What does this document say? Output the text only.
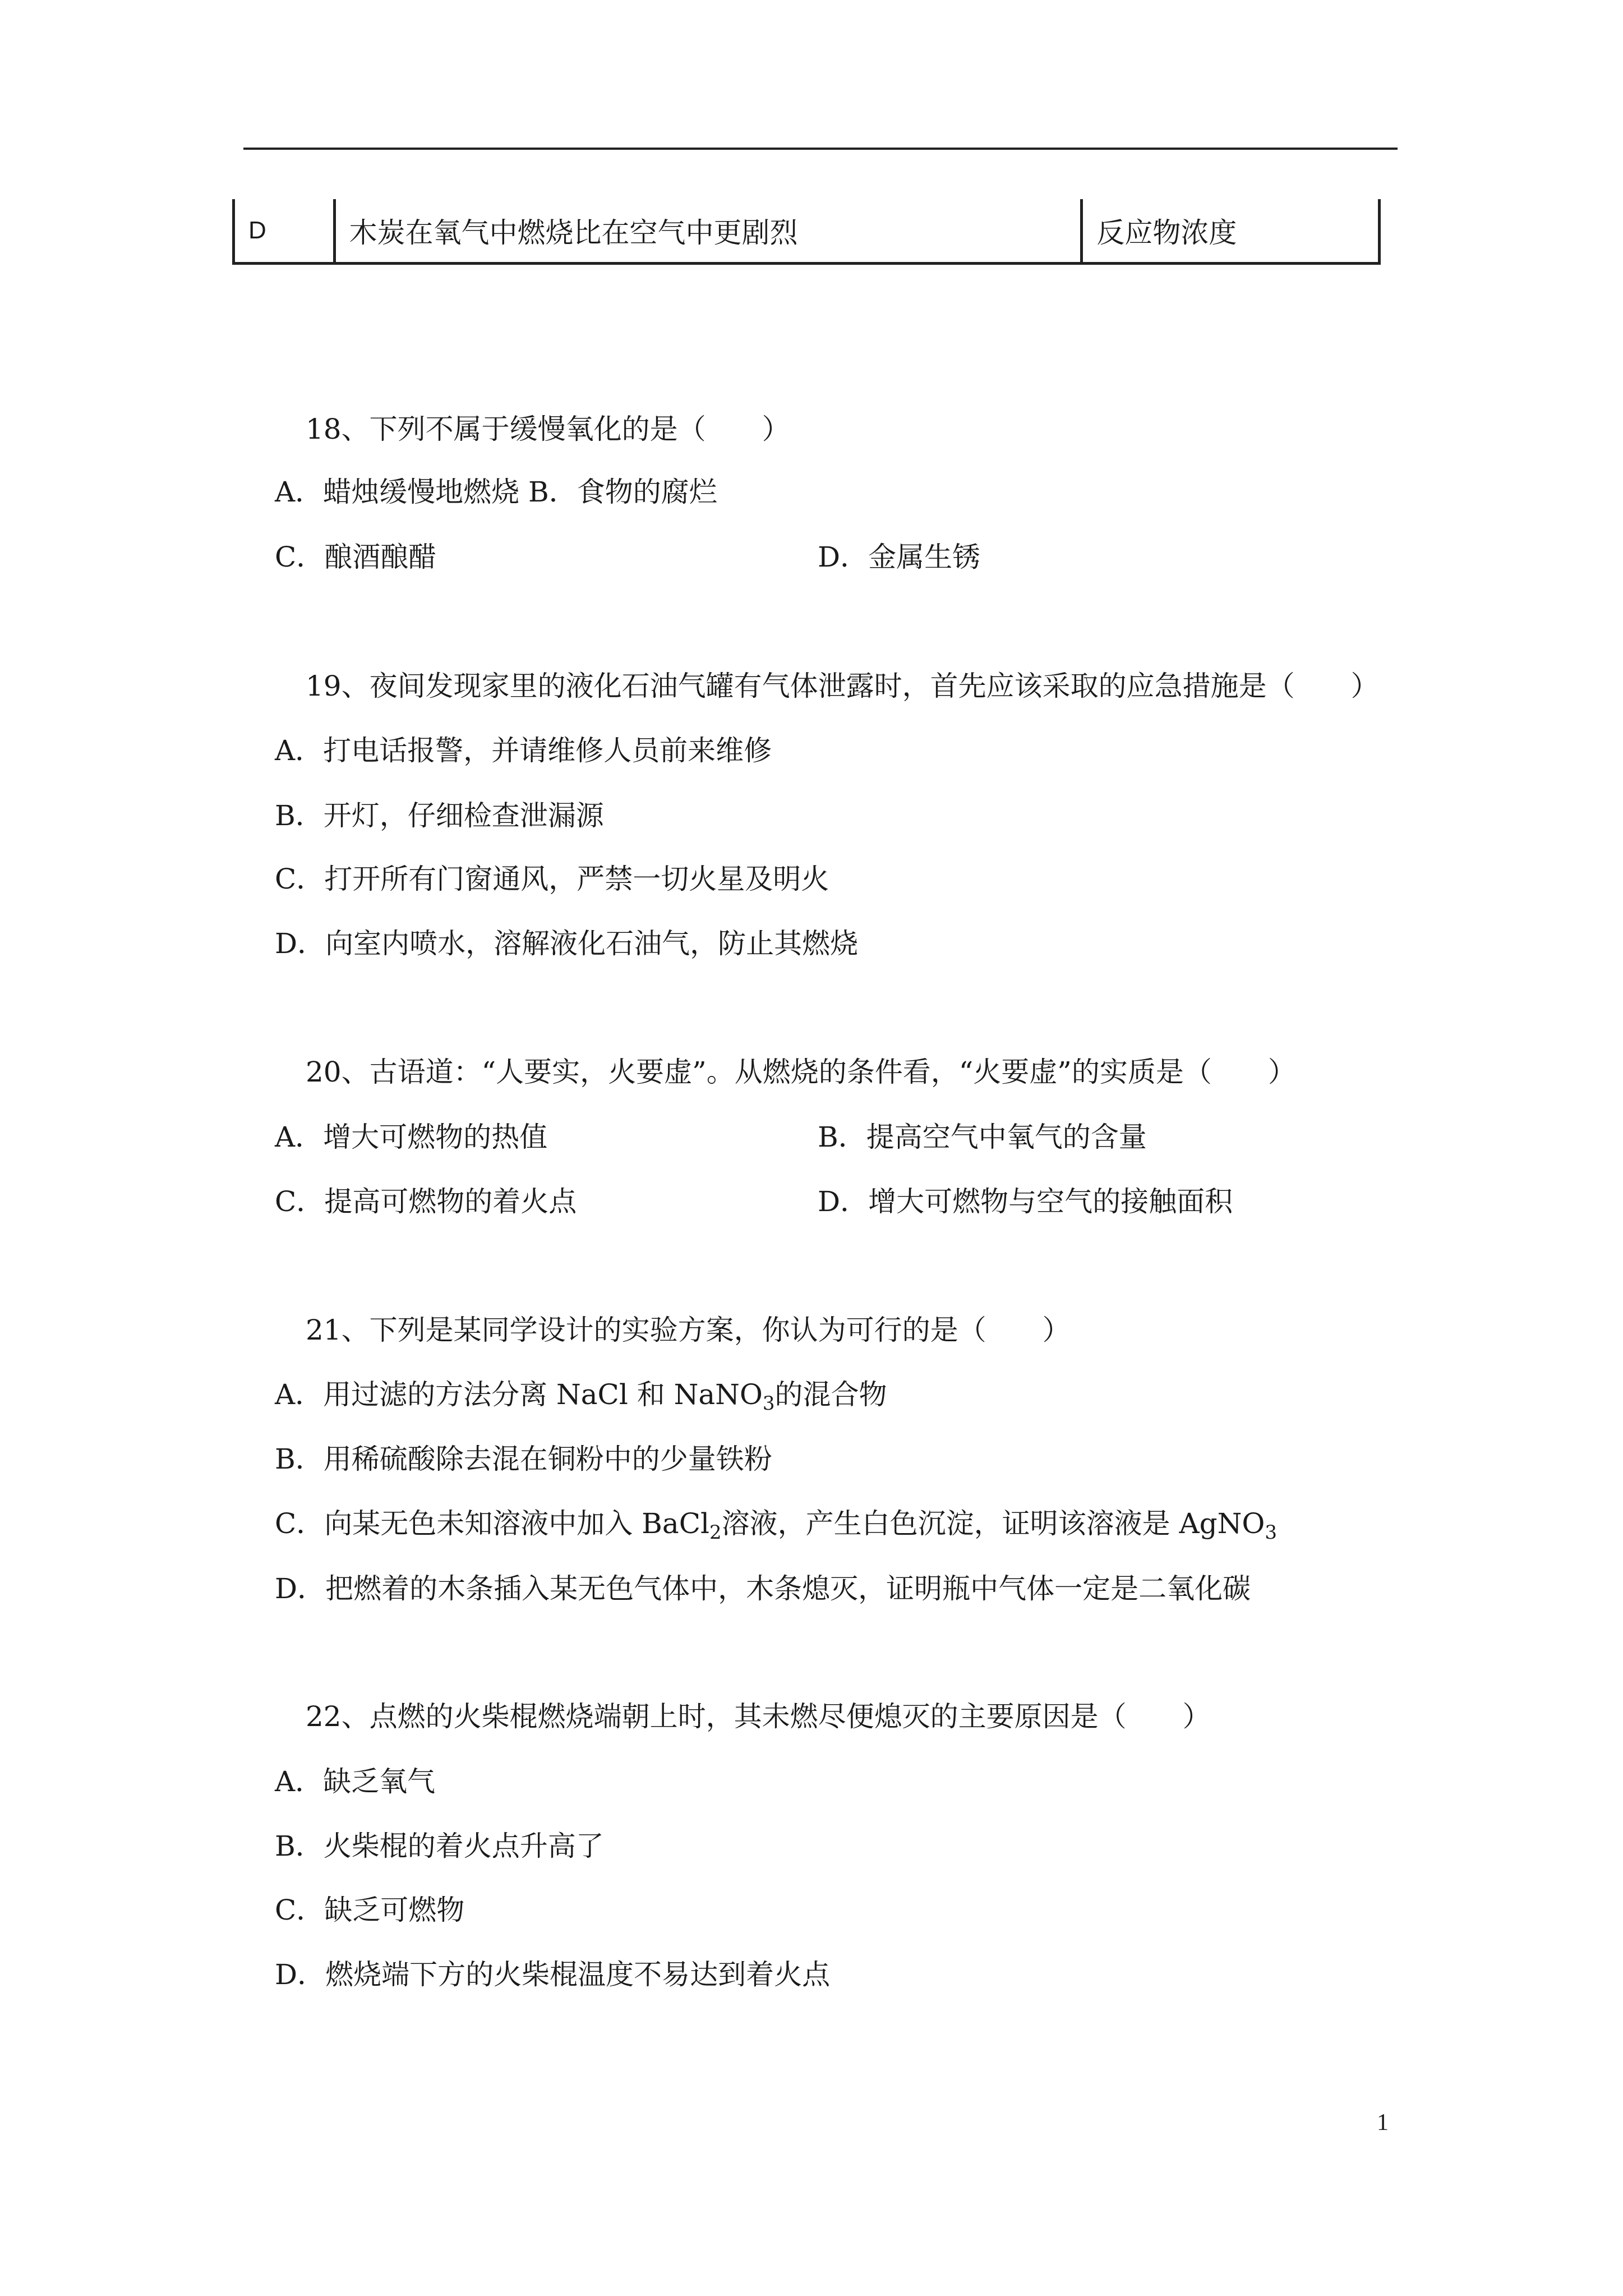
D	木炭在氧气中燃烧比在空气中更剧烈	反应物浓度
18、下列不属于缓慢氧化的是（　　）
A．蜡烛缓慢地燃烧 B．食物的腐烂
C．酿酒酿醋	D．金属生锈
19、夜间发现家里的液化石油气罐有气体泄露时，首先应该采取的应急措施是（　　）
A．打电话报警，并请维修人员前来维修
B．开灯，仔细检查泄漏源
C．打开所有门窗通风，严禁一切火星及明火
D．向室内喷水，溶解液化石油气，防止其燃烧
20、古语道：“人要实，火要虚”。从燃烧的条件看，“火要虚”的实质是（　　）
A．增大可燃物的热值	B．提高空气中氧气的含量
C．提高可燃物的着火点	D．增大可燃物与空气的接触面积
21、下列是某同学设计的实验方案，你认为可行的是（　　）
A．用过滤的方法分离 NaCl 和 NaNO$_3$的混合物
B．用稀硫酸除去混在铜粉中的少量铁粉
C．向某无色未知溶液中加入 BaCl$_2$溶液，产生白色沉淀，证明该溶液是 AgNO$_3$
D．把燃着的木条插入某无色气体中，木条熄灭，证明瓶中气体一定是二氧化碳
22、点燃的火柴棍燃烧端朝上时，其未燃尽便熄灭的主要原因是（　　）
A．缺乏氧气
B．火柴棍的着火点升高了
C．缺乏可燃物
D．燃烧端下方的火柴棍温度不易达到着火点
1
